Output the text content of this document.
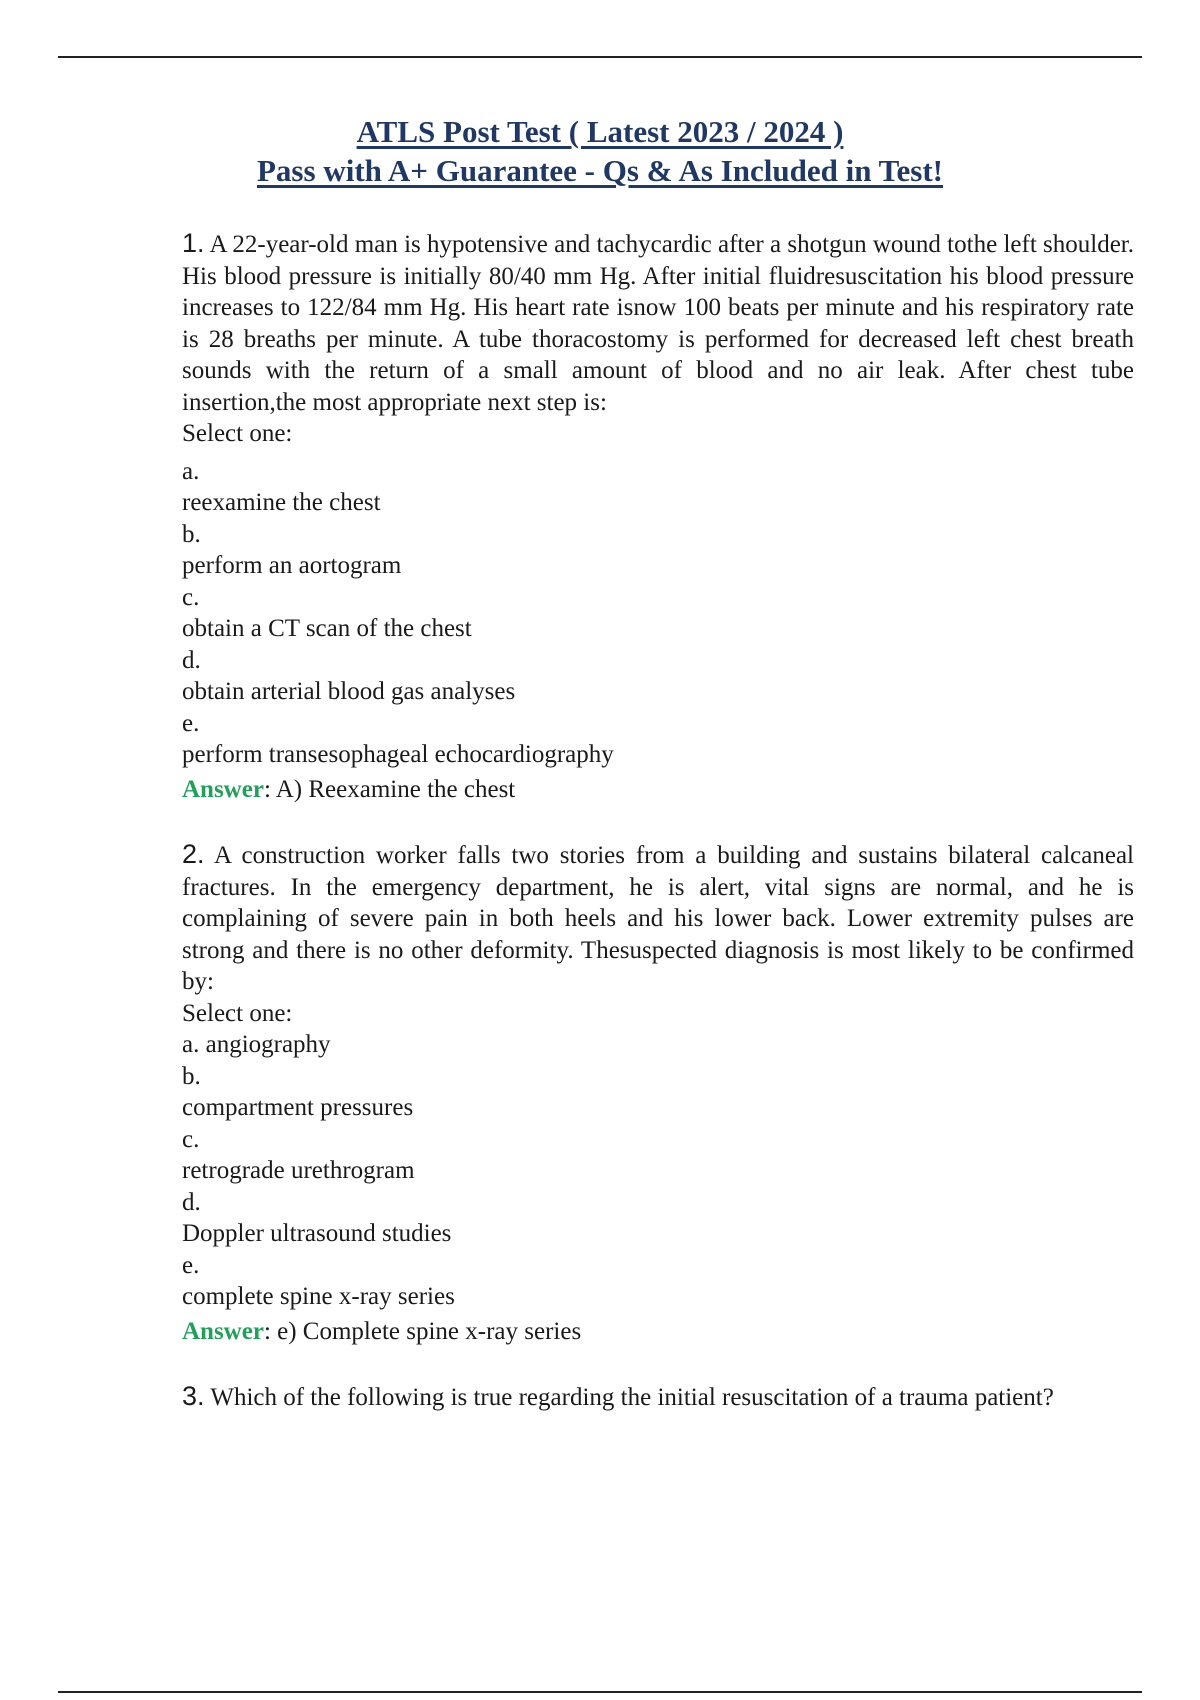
ATLS Post Test ( Latest 2023 / 2024 )
Pass with A+ Guarantee - Qs & As Included in Test!

1. A 22-year-old man is hypotensive and tachycardic after a shotgun wound tothe left shoulder. His blood pressure is initially 80/40 mm Hg. After initial fluidresuscitation his blood pressure increases to 122/84 mm Hg. His heart rate isnow 100 beats per minute and his respiratory rate is 28 breaths per minute. A tube thoracostomy is performed for decreased left chest breath sounds with the return of a small amount of blood and no air leak. After chest tube insertion,the most appropriate next step is:

Select one:

a.

reexamine the chest

b.

perform an aortogram

c.

obtain a CT scan of the chest

d.

obtain arterial blood gas analyses

e.

perform transesophageal echocardiography

Answer: A) Reexamine the chest

2. A construction worker falls two stories from a building and sustains bilateral calcaneal fractures. In the emergency department, he is alert, vital signs are normal, and he is complaining of severe pain in both heels and his lower back. Lower extremity pulses are strong and there is no other deformity. Thesuspected diagnosis is most likely to be confirmed by:

Select one:

a. angiography

b.

compartment pressures

c.

retrograde urethrogram

d.

Doppler ultrasound studies

e.

complete spine x-ray series

Answer: e) Complete spine x-ray series

3. Which of the following is true regarding the initial resuscitation of a trauma patient?
